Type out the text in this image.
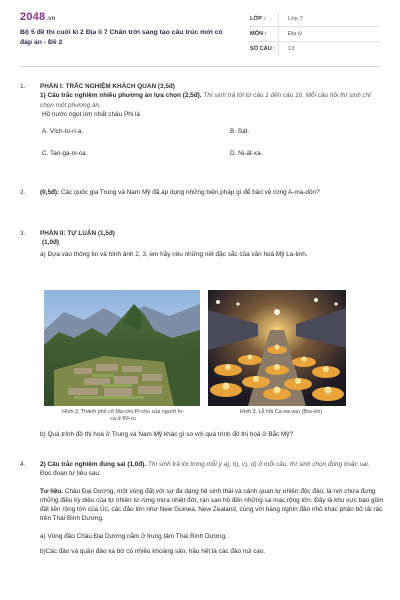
2048.vn
Bộ 5 đề thi cuối kì 2 Địa lí 7 Chân trời sáng tạo cấu trúc mới có đáp án - Đề 2
LỚP :	Lớp 7
MÔN :	Địa lý
SỐ CÂU :	13
1.	PHẦN I: TRẮC NGHIỆM KHÁCH QUAN (3,5đ)
1) Câu trắc nghiệm nhiều phương án lựa chọn (2,5đ). Thí sinh trả lời từ câu 1 đến câu 10. Mỗi câu hỏi thí sinh chỉ chọn một phương án.
Hồ nước ngọt lớn nhất châu Phi là
A. Vích-to-ri-a.	B. Sát.
C. Tan-ga-ni-ca.	D. Ni-át-xa.
2.	(0,5đ): Các quốc gia Trung và Nam Mỹ đã áp dụng những biện pháp gì để bảo vệ rừng A-ma-dôn?
3.	PHẦN II: TỰ LUẬN (1,5đ)
(1,0đ)
a) Dựa vào thông tin và hình ảnh 2, 3, em hãy nêu những nét đặc sắc của văn hoá Mỹ La-tinh.
Hình 2. Thành phố cổ Ma-chu Pi-chu của người In-ca ở Pê-ru
Hình 3. Lễ hội Ca-na-van (Bra-xin)
b) Quá trình đô thị hoá ở Trung và Nam Mỹ khác gì so với quá trình đô thị hoá ở Bắc Mỹ?
4.	2) Câu trắc nghiệm đúng sai (1,0đ). Thí sinh trả lời trong mỗi ý a), b), c), d) ở mỗi câu, thí sinh chọn đúng hoặc sai.
Đọc đoạn tư liệu sau:
Tư liệu. Châu Đại Dương, một vùng đất với sự đa dạng hệ sinh thái và cảnh quan tự nhiên độc đáo, là nơi chứa đựng những điều kỳ diệu của tự nhiên từ rừng mưa nhiệt đới, rạn san hô đến những sa mạc rộng lớn. Đây là khu vực bao gồm đất liền rộng lớn của Úc, các đảo lớn như New Guinea, New Zealand, cùng với hàng nghìn đảo nhỏ khác phân bố rải rác trên Thái Bình Dương.
a) Vùng đảo Châu Đại Dương nằm ở trung tâm Thái Bình Dương.
b)Các đảo và quần đảo xa bờ có nhiều khoáng sản, hầu hết là các đảo núi cao.
